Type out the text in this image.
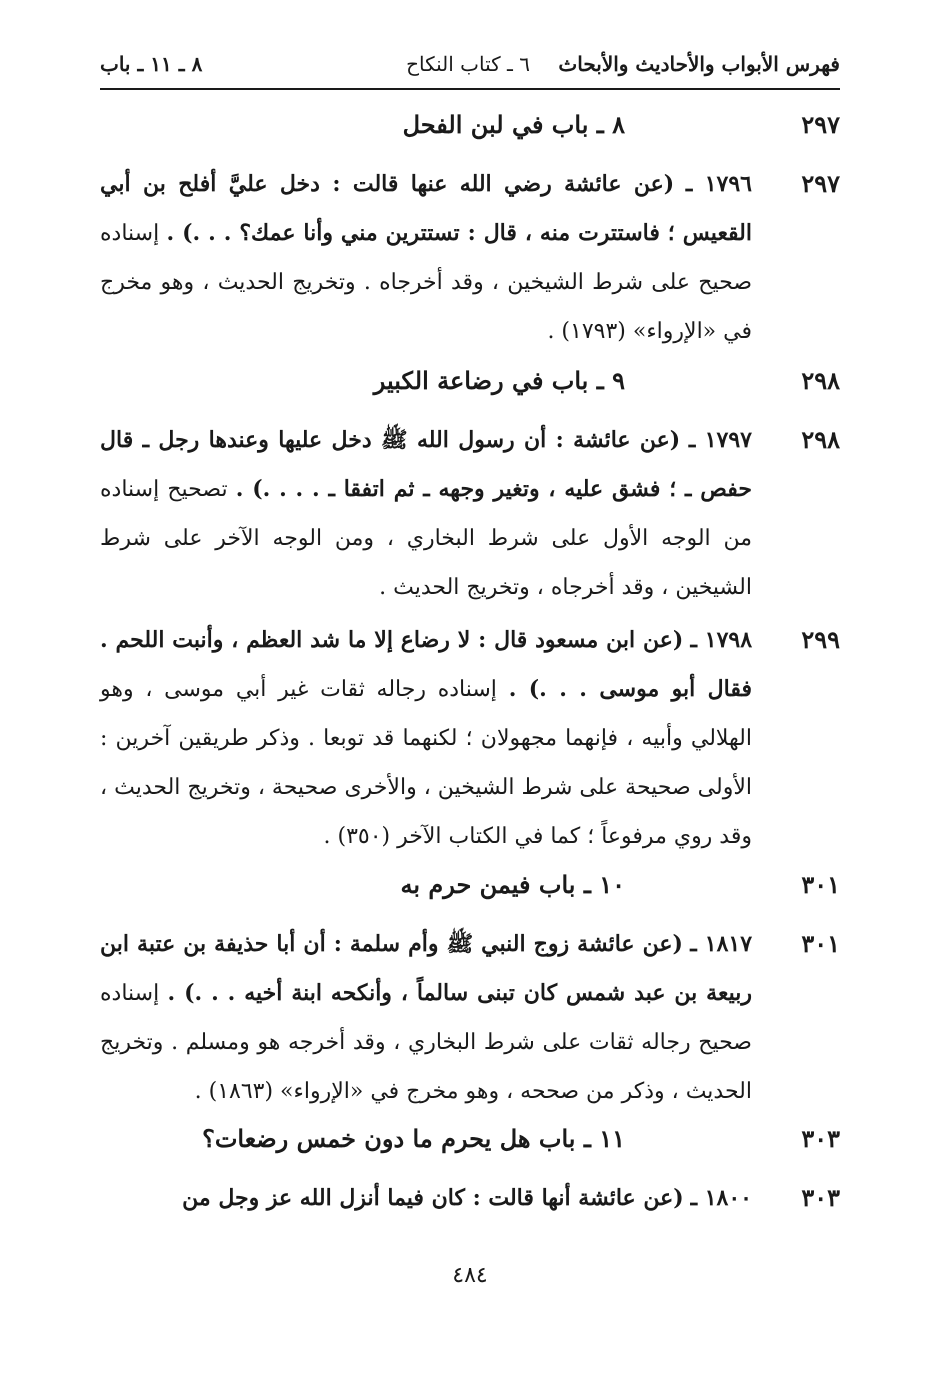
فهرس الأبواب والأحاديث والأبحاث
٦ ـ كتاب النكاح
٨ ـ ١١ ـ باب
٢٩٧
٨ ـ باب في لبن الفحل
٢٩٧
١٧٩٦ ـ (عن عائشة رضي الله عنها قالت : دخل عليَّ أفلح بن أبي القعيس ؛ فاستترت منه ، قال : تستترين مني وأنا عمك؟ . . .) . إسناده صحيح على شرط الشيخين ، وقد أخرجاه . وتخريج الحديث ، وهو مخرج في «الإرواء» (١٧٩٣) .
٢٩٨
٩ ـ باب في رضاعة الكبير
٢٩٨
١٧٩٧ ـ (عن عائشة : أن رسول الله ﷺ دخل عليها وعندها رجل ـ قال حفص ـ ؛ فشق عليه ، وتغير وجهه ـ ثم اتفقا ـ . . . .) . تصحيح إسناده من الوجه الأول على شرط البخاري ، ومن الوجه الآخر على شرط الشيخين ، وقد أخرجاه ، وتخريج الحديث .
٢٩٩
١٧٩٨ ـ (عن ابن مسعود قال : لا رضاع إلا ما شد العظم ، وأنبت اللحم . فقال أبو موسى . . .) . إسناده رجاله ثقات غير أبي موسى ، وهو الهلالي وأبيه ، فإنهما مجهولان ؛ لكنهما قد توبعا . وذكر طريقين آخرين : الأولى صحيحة على شرط الشيخين ، والأخرى صحيحة ، وتخريج الحديث ، وقد روي مرفوعاً ؛ كما في الكتاب الآخر (٣٥٠) .
٣٠١
١٠ ـ باب فيمن حرم به
٣٠١
١٨١٧ ـ (عن عائشة زوج النبي ﷺ وأم سلمة : أن أبا حذيفة بن عتبة ابن ربيعة بن عبد شمس كان تبنى سالماً ، وأنكحه ابنة أخيه . . .) . إسناده صحيح رجاله ثقات على شرط البخاري ، وقد أخرجه هو ومسلم . وتخريج الحديث ، وذكر من صححه ، وهو مخرج في «الإرواء» (١٨٦٣) .
٣٠٣
١١ ـ باب هل يحرم ما دون خمس رضعات؟
٣٠٣
١٨٠٠ ـ (عن عائشة أنها قالت : كان فيما أنزل الله عز وجل من
٤٨٤
